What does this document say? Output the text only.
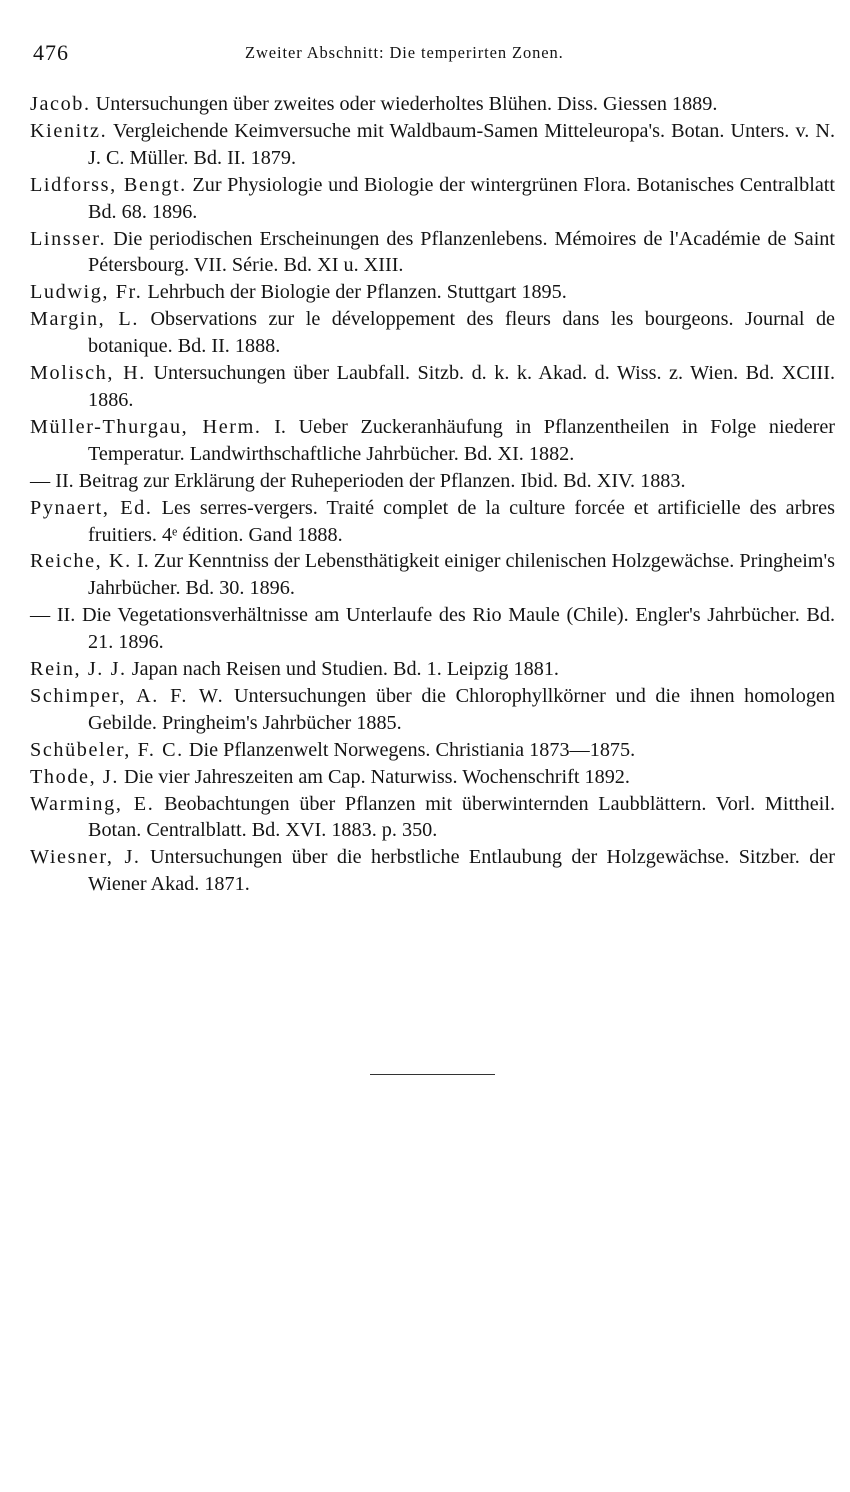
476	Zweiter Abschnitt: Die temperirten Zonen.
Jacob. Untersuchungen über zweites oder wiederholtes Blühen. Diss. Giessen 1889.
Kienitz. Vergleichende Keimversuche mit Waldbaum-Samen Mitteleuropa's. Botan. Unters. v. N. J. C. Müller. Bd. II. 1879.
Lidforss, Bengt. Zur Physiologie und Biologie der wintergrünen Flora. Botanisches Centralblatt Bd. 68. 1896.
Linsser. Die periodischen Erscheinungen des Pflanzenlebens. Mémoires de l'Académie de Saint Pétersbourg. VII. Série. Bd. XI u. XIII.
Ludwig, Fr. Lehrbuch der Biologie der Pflanzen. Stuttgart 1895.
Margin, L. Observations zur le développement des fleurs dans les bourgeons. Journal de botanique. Bd. II. 1888.
Molisch, H. Untersuchungen über Laubfall. Sitzb. d. k. k. Akad. d. Wiss. z. Wien. Bd. XCIII. 1886.
Müller-Thurgau, Herm. I. Ueber Zuckeranhäufung in Pflanzentheilen in Folge niederer Temperatur. Landwirthschaftliche Jahrbücher. Bd. XI. 1882.
— II. Beitrag zur Erklärung der Ruheperioden der Pflanzen. Ibid. Bd. XIV. 1883.
Pynaert, Ed. Les serres-vergers. Traité complet de la culture forcée et artificielle des arbres fruitiers. 4ᵉ édition. Gand 1888.
Reiche, K. I. Zur Kenntniss der Lebensthätigkeit einiger chilenischen Holzgewächse. Pringheim's Jahrbücher. Bd. 30. 1896.
— II. Die Vegetationsverhältnisse am Unterlaufe des Rio Maule (Chile). Engler's Jahrbücher. Bd. 21. 1896.
Rein, J. J. Japan nach Reisen und Studien. Bd. 1. Leipzig 1881.
Schimper, A. F. W. Untersuchungen über die Chlorophyllkörner und die ihnen homologen Gebilde. Pringheim's Jahrbücher 1885.
Schübeler, F. C. Die Pflanzenwelt Norwegens. Christiania 1873—1875.
Thode, J. Die vier Jahreszeiten am Cap. Naturwiss. Wochenschrift 1892.
Warming, E. Beobachtungen über Pflanzen mit überwinternden Laubblättern. Vorl. Mittheil. Botan. Centralblatt. Bd. XVI. 1883. p. 350.
Wiesner, J. Untersuchungen über die herbstliche Entlaubung der Holzgewächse. Sitzber. der Wiener Akad. 1871.
